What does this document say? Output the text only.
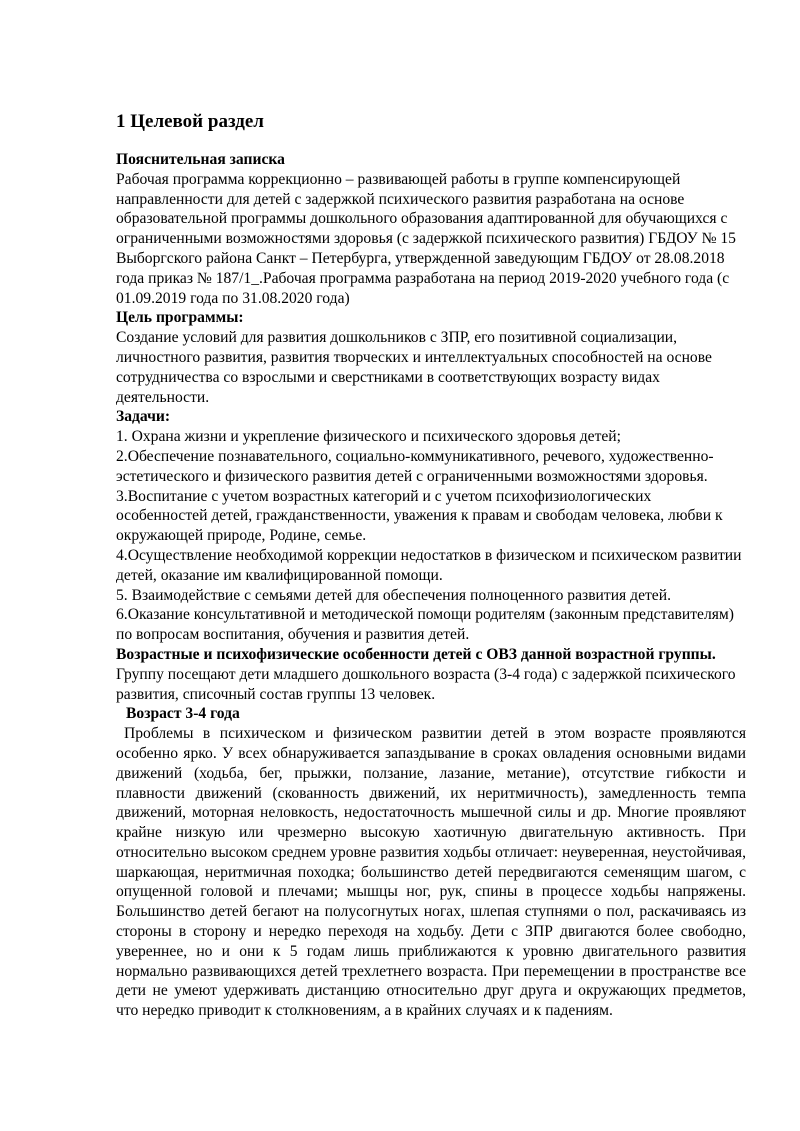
1 Целевой раздел

Пояснительная записка

Рабочая программа коррекционно – развивающей работы в группе компенсирующей направленности для детей с задержкой психического развития разработана на основе образовательной программы дошкольного образования адаптированной для обучающихся с ограниченными возможностями здоровья (с задержкой психического развития) ГБДОУ № 15 Выборгского района Санкт – Петербурга, утвержденной заведующим ГБДОУ от 28.08.2018 года приказ № 187/1_.Рабочая программа разработана на период 2019-2020 учебного года (с 01.09.2019 года по 31.08.2020 года)

Цель программы:

Создание условий для развития дошкольников с ЗПР, его позитивной социализации, личностного развития, развития творческих и интеллектуальных способностей на основе сотрудничества со взрослыми и сверстниками в соответствующих возрасту видах деятельности.

Задачи:

1. Охрана жизни и укрепление физического и психического здоровья детей;

2.Обеспечение познавательного, социально-коммуникативного, речевого, художественно-эстетического и физического развития детей с ограниченными возможностями здоровья.

3.Воспитание с учетом возрастных категорий и с учетом психофизиологических особенностей детей, гражданственности, уважения к правам и свободам человека, любви к окружающей природе, Родине, семье.

4.Осуществление необходимой коррекции недостатков в физическом и психическом развитии детей, оказание им квалифицированной помощи.

5. Взаимодействие с семьями детей для обеспечения полноценного развития детей.

6.Оказание консультативной и методической помощи родителям (законным представителям) по вопросам воспитания, обучения и развития детей.

Возрастные и психофизические особенности детей с ОВЗ данной возрастной группы.

Группу посещают дети младшего дошкольного возраста (3-4 года) с задержкой психического развития, списочный состав группы 13 человек.

Возраст 3-4 года

Проблемы в психическом и физическом развитии детей в этом возрасте проявляются особенно ярко. У всех обнаруживается запаздывание в сроках овладения основными видами движений (ходьба, бег, прыжки, ползание, лазание, метание), отсутствие гибкости и плавности движений (скованность движений, их неритмичность), замедленность темпа движений, моторная неловкость, недостаточность мышечной силы и др. Многие проявляют крайне низкую или чрезмерно высокую хаотичную двигательную активность. При относительно высоком среднем уровне развития ходьбы отличает: неуверенная, неустойчивая, шаркающая, неритмичная походка; большинство детей передвигаются семенящим шагом, с опущенной головой и плечами; мышцы ног, рук, спины в процессе ходьбы напряжены. Большинство детей бегают на полусогнутых ногах, шлепая ступнями о пол, раскачиваясь из стороны в сторону и нередко переходя на ходьбу. Дети с ЗПР двигаются более свободно, увереннее, но и они к 5 годам лишь приближаются к уровню двигательного развития нормально развивающихся детей трехлетнего возраста. При перемещении в пространстве все дети не умеют удерживать дистанцию относительно друг друга и окружающих предметов, что нередко приводит к столкновениям, а в крайних случаях и к падениям.
